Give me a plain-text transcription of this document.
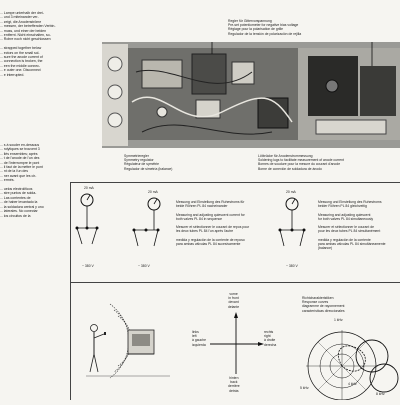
... Lampe unterhalb der drei-
... und 3 miteinander ver-
... zeigt, die Anodenströme
... messen, der betreffenden Verbin-
... muss, und einer der beiden
... entfernt. Nicht einschalten, so-
... Rohre noch nicht geschlossen

... strapped together below
... ectors on the small sol-
... sure the anode current of
... connection is broken, the
... een the middle connec-
... e outer one. Disconnect
... e interrupted.
... s à souder en-dessous
... rolytiques se trouvent 3
... liés ensembles; après
... t de l'anode de l'un des
... de l'interrompre le pont
... il faut de la mettre le pont
... nt de la l'un des
... ner avant que les cir-
... ermés.

... uelos electrolíticos
... stre puntos de solda-
... Las corrientes de
... de haber levantado la
... la soldadura central y uno
... laterales. No conectar
... los circuitos de la
Regler für Gittervorspannung
Pre-set potentiometer for negative bias voltage
Réglage pour la polarisation de grille
Regulador de la tensión de polarización de rejilla
Symmetrieregler
Symmetry regulator
Régulateur de symétrie
Regulador de simetría (balance)
Lötbrücke für Anodenstrommessung
Soldering lugs to facilitate measurement of anode current
Bornes de soudure pour la mesure du courant d'anode
Borne de conexión de soldadura de ánodo
20 mA
~ 380 V
20 mA
~ 380 V
Messung und Einstellung des Ruhestroms für
beide Röhren PL 84 nacheinander

Measuring and adjusting quiescent current for
both valves PL 84 in sequence

Mesurer et sélectionner le courant de repos pour
les deux tubes PL 84 l'un après l'autre

medida y regulación de la corriente de reposo
para ambas válvulas PL 84 sucesivamente
20 mA
~ 380 V
Messung und Einstellung des Ruhestroms
beider Röhren PL 84 gleichzeitig

Measuring and adjusting quiescent
for both valves PL 84 simultaneously

Mesurer et sélectionner le courant de
pour les deux tubes PL 84 simultanément

medida y regulación de la corriente
para ambas válvulas PL 84 simultáneamente
(balance)
vorne
in front
devant
delante
links
left
à gauche
izquierda
rechts
right
à droite
derecha
hinten
back
derrière
detrás
Richtcharakteristiken
Response curves
diagramme de rayonnement
características direccionales
1 kHz
5 kHz
4 kHz
8 kHz
